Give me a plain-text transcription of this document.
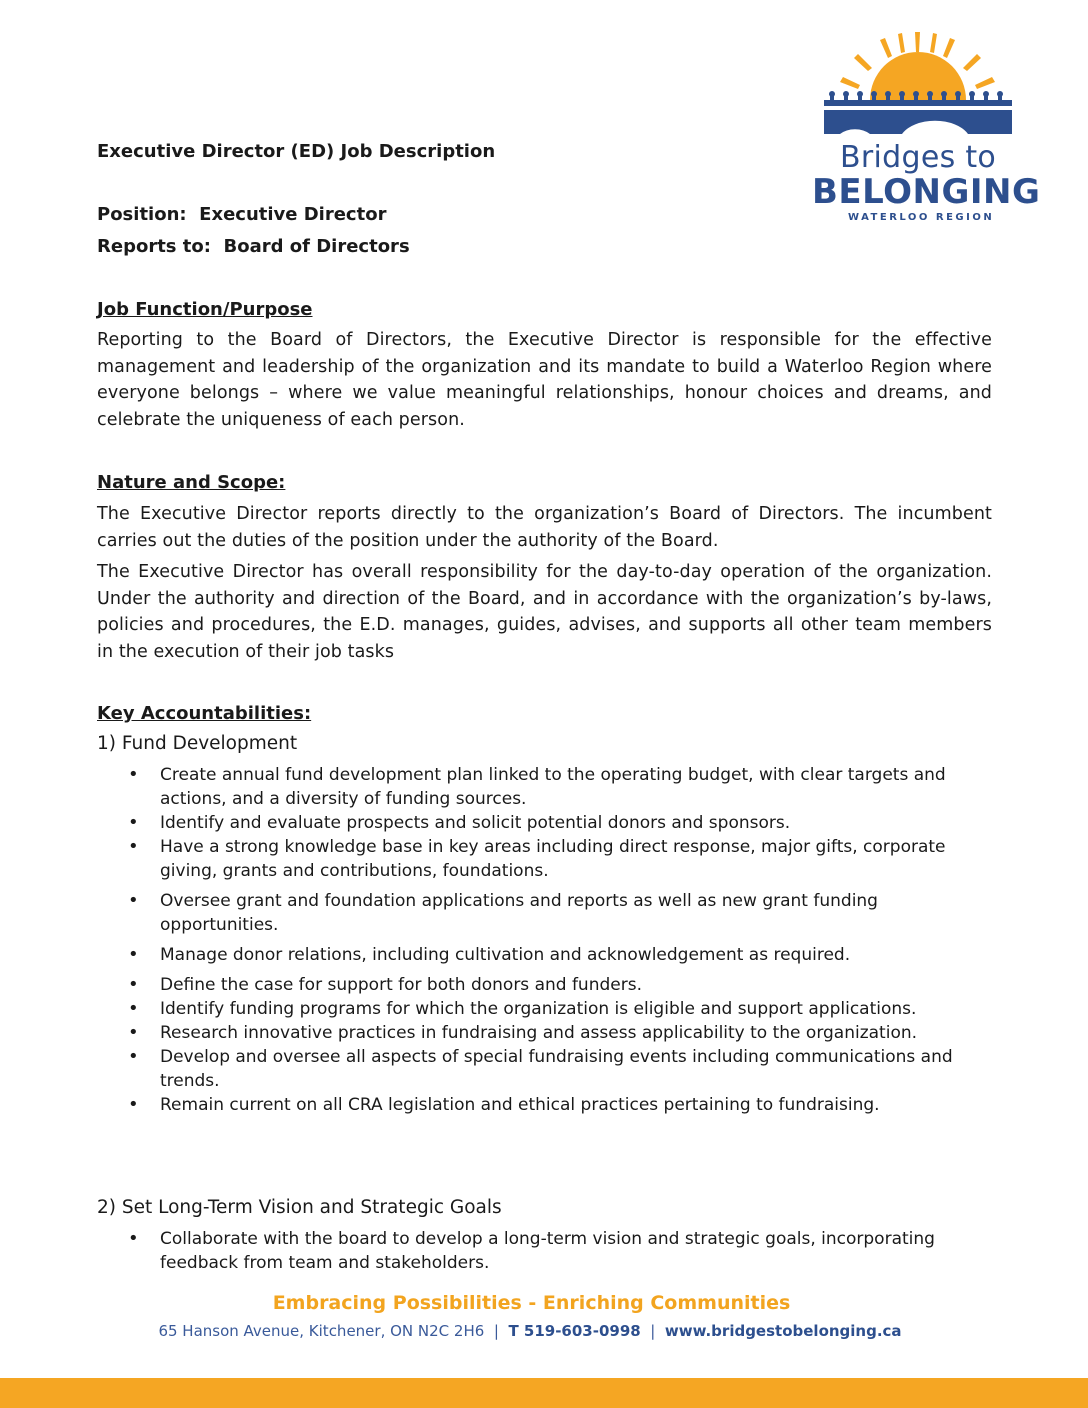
Bridges to
BELONGING
WATERLOO REGION
Executive Director (ED) Job Description
Position: Executive Director
Reports to: Board of Directors
Job Function/Purpose

Reporting to the Board of Directors, the Executive Director is responsible for the effective management and leadership of the organization and its mandate to build a Waterloo Region where everyone belongs – where we value meaningful relationships, honour choices and dreams, and celebrate the uniqueness of each person.

Nature and Scope:

The Executive Director reports directly to the organization’s Board of Directors. The incumbent carries out the duties of the position under the authority of the Board.

The Executive Director has overall responsibility for the day-to-day operation of the organization. Under the authority and direction of the Board, and in accordance with the organization’s by-laws, policies and procedures, the E.D. manages, guides, advises, and supports all other team members in the execution of their job tasks

Key Accountabilities:

1) Fund Development

• Create annual fund development plan linked to the operating budget, with clear targets and actions, and a diversity of funding sources.
• Identify and evaluate prospects and solicit potential donors and sponsors.
• Have a strong knowledge base in key areas including direct response, major gifts, corporate giving, grants and contributions, foundations.
• Oversee grant and foundation applications and reports as well as new grant funding opportunities.
• Manage donor relations, including cultivation and acknowledgement as required.
• Define the case for support for both donors and funders.
• Identify funding programs for which the organization is eligible and support applications.
• Research innovative practices in fundraising and assess applicability to the organization.
• Develop and oversee all aspects of special fundraising events including communications and trends.
• Remain current on all CRA legislation and ethical practices pertaining to fundraising.

2) Set Long-Term Vision and Strategic Goals

• Collaborate with the board to develop a long-term vision and strategic goals, incorporating feedback from team and stakeholders.
Embracing Possibilities - Enriching Communities
65 Hanson Avenue, Kitchener, ON N2C 2H6 | T 519-603-0998 | www.bridgestobelonging.ca
